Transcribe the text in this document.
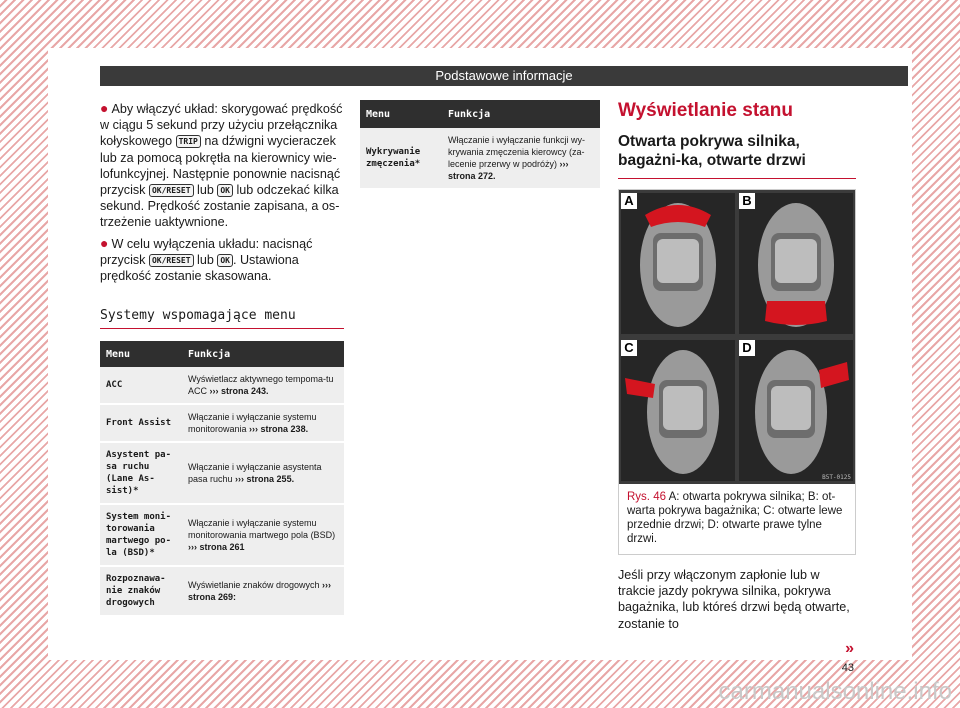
Podstawowe informacje

● Aby włączyć układ: skorygować prędkość w ciągu 5 sekund przy użyciu przełącznika kołyskowego TRIP na dźwigni wycieraczek lub za pomocą pokrętła na kierownicy wie-lofunkcyjnej. Następnie ponownie nacisnąć przycisk OK/RESET lub OK lub odczekać kilka sekund. Prędkość zostanie zapisana, a os-trzeżenie uaktywnione.

● W celu wyłączenia układu: nacisnąć przycisk OK/RESET lub OK . Ustawiona prędkość zostanie skasowana.

Systemy wspomagające menu
Menu	Funkcja
ACC	Wyświetlacz aktywnego tempoma-tu ACC ››› strona 243.
Front Assist	Włączanie i wyłączanie systemu monitorowania ››› strona 238.
Asystent pa-sa ruchu (Lane As-sist)*	Włączanie i wyłączanie asystenta pasa ruchu ››› strona 255.
System moni-torowania martwego po-la (BSD)*	Włączanie i wyłączanie systemu monitorowania martwego pola (BSD) ››› strona 261
Rozpoznawa-nie znaków drogowych	Wyświetlanie znaków drogowych ››› strona 269:
Menu	Funkcja
Wykrywanie zmęczenia*	Włączanie i wyłączanie funkcji wy-krywania zmęczenia kierowcy (za-lecenie przerwy w podróży) ››› strona 272.
Wyświetlanie stanu
Otwarta pokrywa silnika, bagażni-ka, otwarte drzwi
A	B
C	D
B5T-0125
Rys. 46 A: otwarta pokrywa silnika; B: ot-warta pokrywa bagażnika; C: otwarte lewe przednie drzwi; D: otwarte prawe tylne drzwi.
Jeśli przy włączonym zapłonie lub w trakcie jazdy pokrywa silnika, pokrywa bagażnika, lub któreś drzwi będą otwarte, zostanie to
»
43
carmanualsonline.info
